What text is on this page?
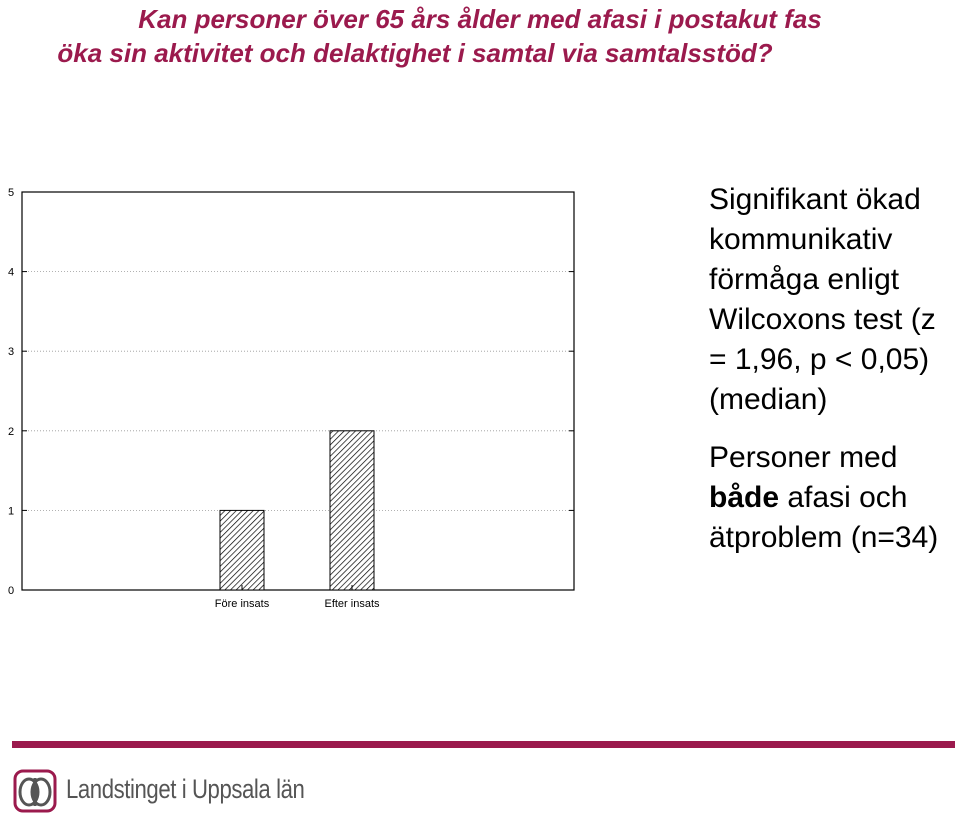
Kan personer över 65 års ålder med afasi i postakut fas
öka sin aktivitet och delaktighet i samtal via samtalsstöd?
0
1
2
3
4
5
Före insats	Efter insats

Signifikant ökad kommunikativ förmåga enligt Wilcoxons test (z = 1,96, p < 0,05) (median)

Personer med både afasi och ätproblem (n=34)

Landstinget i Uppsala län
